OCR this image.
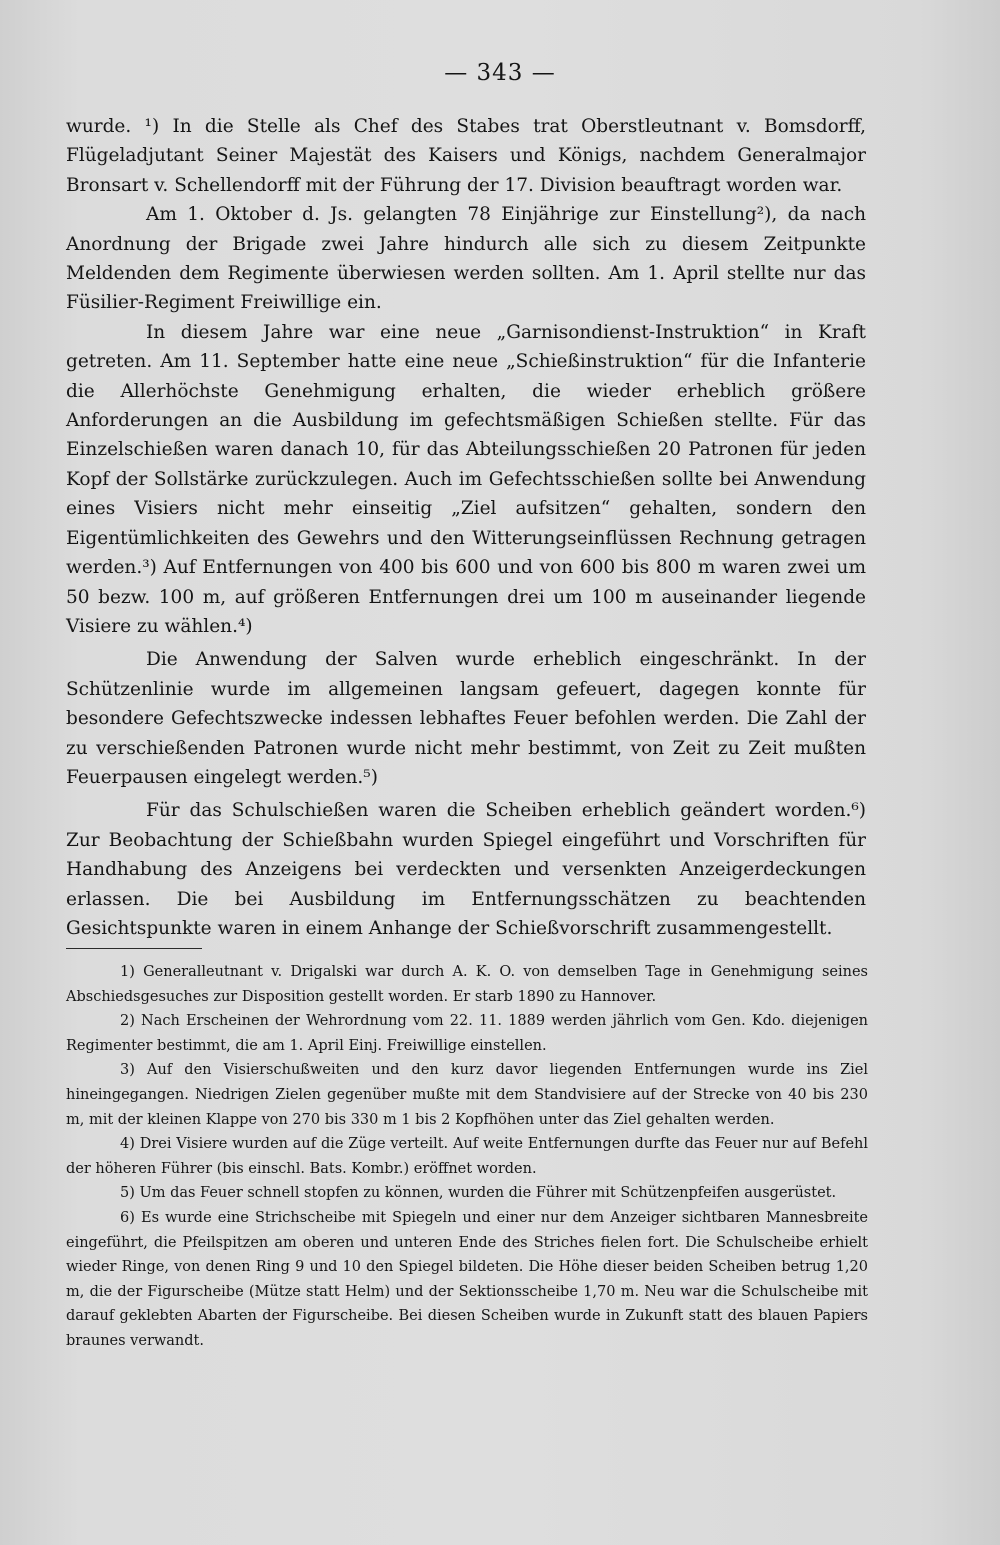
— 343 —

wurde. ¹) In die Stelle als Chef des Stabes trat Oberstleutnant v. Bomsdorff, Flügeladjutant Seiner Majestät des Kaisers und Königs, nachdem Generalmajor Bronsart v. Schellendorff mit der Führung der 17. Division beauftragt worden war.

Am 1. Oktober d. Js. gelangten 78 Einjährige zur Einstellung²), da nach Anordnung der Brigade zwei Jahre hindurch alle sich zu diesem Zeitpunkte Meldenden dem Regimente überwiesen werden sollten. Am 1. April stellte nur das Füsilier-Regiment Freiwillige ein.

In diesem Jahre war eine neue „Garnisondienst-Instruktion“ in Kraft getreten. Am 11. September hatte eine neue „Schießinstruktion“ für die Infanterie die Allerhöchste Genehmigung erhalten, die wieder erheblich größere Anforderungen an die Ausbildung im gefechtsmäßigen Schießen stellte. Für das Einzelschießen waren danach 10, für das Abteilungsschießen 20 Patronen für jeden Kopf der Sollstärke zurückzulegen. Auch im Gefechtsschießen sollte bei Anwendung eines Visiers nicht mehr einseitig „Ziel aufsitzen“ gehalten, sondern den Eigentümlichkeiten des Gewehrs und den Witterungseinflüssen Rechnung getragen werden.³) Auf Entfernungen von 400 bis 600 und von 600 bis 800 m waren zwei um 50 bezw. 100 m, auf größeren Entfernungen drei um 100 m auseinander liegende Visiere zu wählen.⁴)

Die Anwendung der Salven wurde erheblich eingeschränkt. In der Schützenlinie wurde im allgemeinen langsam gefeuert, dagegen konnte für besondere Gefechtszwecke indessen lebhaftes Feuer befohlen werden. Die Zahl der zu verschießenden Patronen wurde nicht mehr bestimmt, von Zeit zu Zeit mußten Feuerpausen eingelegt werden.⁵)

Für das Schulschießen waren die Scheiben erheblich geändert worden.⁶) Zur Beobachtung der Schießbahn wurden Spiegel eingeführt und Vorschriften für Handhabung des Anzeigens bei verdeckten und versenkten Anzeigerdeckungen erlassen. Die bei Ausbildung im Entfernungsschätzen zu beachtenden Gesichtspunkte waren in einem Anhange der Schießvorschrift zusammengestellt.

1) Generalleutnant v. Drigalski war durch A. K. O. von demselben Tage in Genehmigung seines Abschiedsgesuches zur Disposition gestellt worden. Er starb 1890 zu Hannover.

2) Nach Erscheinen der Wehrordnung vom 22. 11. 1889 werden jährlich vom Gen. Kdo. diejenigen Regimenter bestimmt, die am 1. April Einj. Freiwillige einstellen.

3) Auf den Visierschußweiten und den kurz davor liegenden Entfernungen wurde ins Ziel hineingegangen. Niedrigen Zielen gegenüber mußte mit dem Standvisiere auf der Strecke von 40 bis 230 m, mit der kleinen Klappe von 270 bis 330 m 1 bis 2 Kopfhöhen unter das Ziel gehalten werden.

4) Drei Visiere wurden auf die Züge verteilt. Auf weite Entfernungen durfte das Feuer nur auf Befehl der höheren Führer (bis einschl. Bats. Kombr.) eröffnet worden.

5) Um das Feuer schnell stopfen zu können, wurden die Führer mit Schützenpfeifen ausgerüstet.

6) Es wurde eine Strichscheibe mit Spiegeln und einer nur dem Anzeiger sichtbaren Mannesbreite eingeführt, die Pfeilspitzen am oberen und unteren Ende des Striches fielen fort. Die Schulscheibe erhielt wieder Ringe, von denen Ring 9 und 10 den Spiegel bildeten. Die Höhe dieser beiden Scheiben betrug 1,20 m, die der Figurscheibe (Mütze statt Helm) und der Sektionsscheibe 1,70 m. Neu war die Schulscheibe mit darauf geklebten Abarten der Figurscheibe. Bei diesen Scheiben wurde in Zukunft statt des blauen Papiers braunes verwandt.
